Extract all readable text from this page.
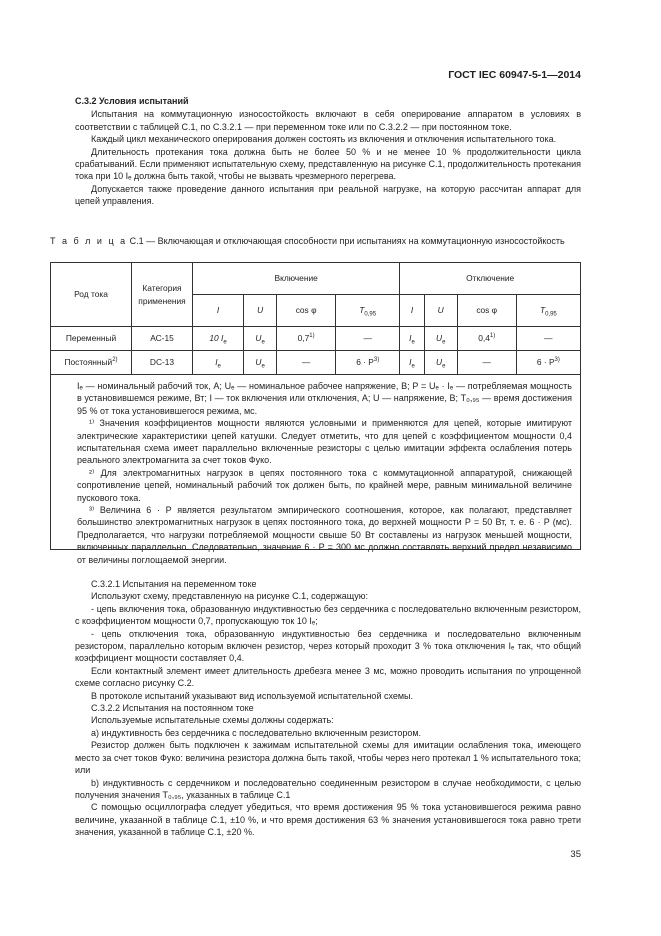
ГОСТ IEC 60947-5-1—2014
C.3.2 Условия испытаний
Испытания на коммутационную износостойкость включают в себя оперирование аппаратом в условиях в соответствии с таблицей С.1, по С.3.2.1 — при переменном токе или по С.3.2.2 — при постоянном токе.
Каждый цикл механического оперирования должен состоять из включения и отключения испытательного тока.
Длительность протекания тока должна быть не более 50 % и не менее 10 % продолжительности цикла срабатываний. Если применяют испытательную схему, представленную на рисунке С.1, продолжительность протекания тока при 10 Iₑ должна быть такой, чтобы не вызвать чрезмерного перегрева.
Допускается также проведение данного испытания при реальной нагрузке, на которую рассчитан аппарат для цепей управления.
Т а б л и ц а С.1 — Включающая и отключающая способности при испытаниях на коммутационную износостойкость
Род тока	Категория применения	Включение				Отключение			
		I	U	cos φ	$T_{0,95}$	I	U	cos φ	$T_{0,95}$
Переменный	АС-15	10 $I_e$	$U_e$	0,7$^{1)}$	—	$I_e$	$U_e$	0,4$^{1)}$	—
Постоянный$^{2)}$	DC-13	$I_e$	$U_e$	—	$6 \cdot P^{3)}$	$I_e$	$U_e$	—	$6 \cdot P^{3)}$
Iₑ — номинальный рабочий ток, А; Uₑ — номинальное рабочее напряжение, В; P = Uₑ · Iₑ — потребляемая мощность в установившемся режиме, Вт; I — ток включения или отключения, А; U — напряжение, В; T₀,₉₅ — время достижения 95 % от тока установившегося режима, мс.
¹⁾ Значения коэффициентов мощности являются условными и применяются для цепей, которые имитируют электрические характеристики цепей катушки. Следует отметить, что для цепей с коэффициентом мощности 0,4 испытательная схема имеет параллельно включенные резисторы с целью имитации эффекта ослабления потерь реального электромагнита за счет токов Фуко.
²⁾ Для электромагнитных нагрузок в цепях постоянного тока с коммутационной аппаратурой, снижающей сопротивление цепей, номинальный рабочий ток должен быть, по крайней мере, равным минимальной величине пускового тока.
³⁾ Величина 6 · P является результатом эмпирического соотношения, которое, как полагают, представляет большинство электромагнитных нагрузок в цепях постоянного тока, до верхней мощности P = 50 Вт, т. е. 6 · P (мс). Предполагается, что нагрузки потребляемой мощности свыше 50 Вт составлены из нагрузок меньшей мощности, включенных параллельно. Следовательно, значение 6 · P = 300 мс должно составлять верхний предел независимо от величины поглощаемой энергии.
С.3.2.1 Испытания на переменном токе
Используют схему, представленную на рисунке С.1, содержащую:
- цепь включения тока, образованную индуктивностью без сердечника с последовательно включенным резистором, с коэффициентом мощности 0,7, пропускающую ток 10 Iₑ;
- цепь отключения тока, образованную индуктивностью без сердечника и последовательно включенным резистором, параллельно которым включен резистор, через который проходит 3 % тока отключения Iₑ так, что общий коэффициент мощности составляет 0,4.
Если контактный элемент имеет длительность дребезга менее 3 мс, можно проводить испытания по упрощенной схеме согласно рисунку С.2.
В протоколе испытаний указывают вид используемой испытательной схемы.
С.3.2.2 Испытания на постоянном токе
Используемые испытательные схемы должны содержать:
а) индуктивность без сердечника с последовательно включенным резистором.
Резистор должен быть подключен к зажимам испытательной схемы для имитации ослабления тока, имеющего место за счет токов Фуко: величина резистора должна быть такой, чтобы через него протекал 1 % испытательного тока; или
b) индуктивность с сердечником и последовательно соединенным резистором в случае необходимости, с целью получения значения T₀,₉₅, указанных в таблице С.1
С помощью осциллографа следует убедиться, что время достижения 95 % тока установившегося режима равно величине, указанной в таблице С.1, ±10 %, и что время достижения 63 % значения установившегося тока равно трети значения, указанной в таблице С.1, ±20 %.
35
